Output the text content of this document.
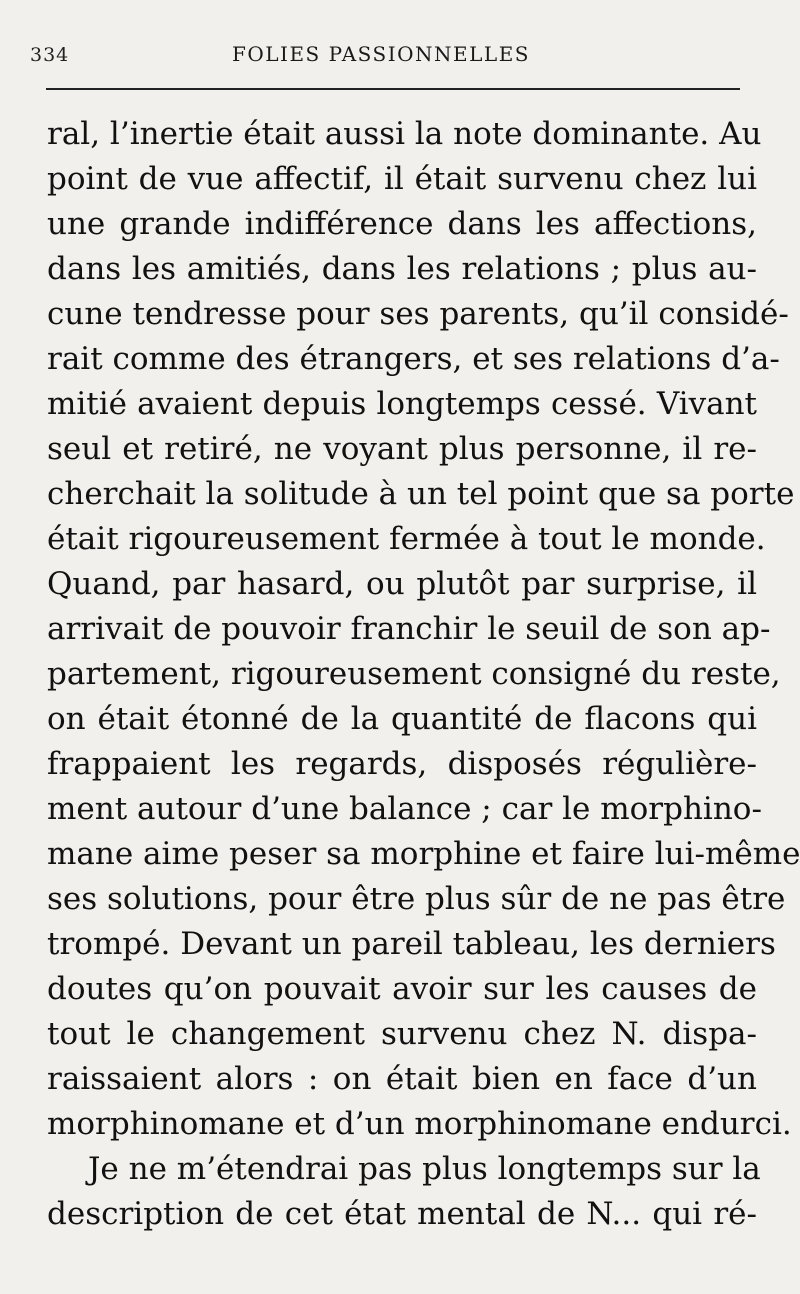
334	FOLIES PASSIONNELLES
ral, l’inertie était aussi la note dominante. Au
point de vue affectif, il était survenu chez lui
une grande indifférence dans les affections,
dans les amitiés, dans les relations ; plus au-
cune tendresse pour ses parents, qu’il considé-
rait comme des étrangers, et ses relations d’a-
mitié avaient depuis longtemps cessé. Vivant
seul et retiré, ne voyant plus personne, il re-
cherchait la solitude à un tel point que sa porte
était rigoureusement fermée à tout le monde.
Quand, par hasard, ou plutôt par surprise, il
arrivait de pouvoir franchir le seuil de son ap-
partement, rigoureusement consigné du reste,
on était étonné de la quantité de flacons qui
frappaient les regards, disposés régulière-
ment autour d’une balance ; car le morphino-
mane aime peser sa morphine et faire lui-même
ses solutions, pour être plus sûr de ne pas être
trompé. Devant un pareil tableau, les derniers
doutes qu’on pouvait avoir sur les causes de
tout le changement survenu chez N. dispa-
raissaient alors : on était bien en face d’un
morphinomane et d’un morphinomane endurci.
Je ne m’étendrai pas plus longtemps sur la
description de cet état mental de N... qui ré-
